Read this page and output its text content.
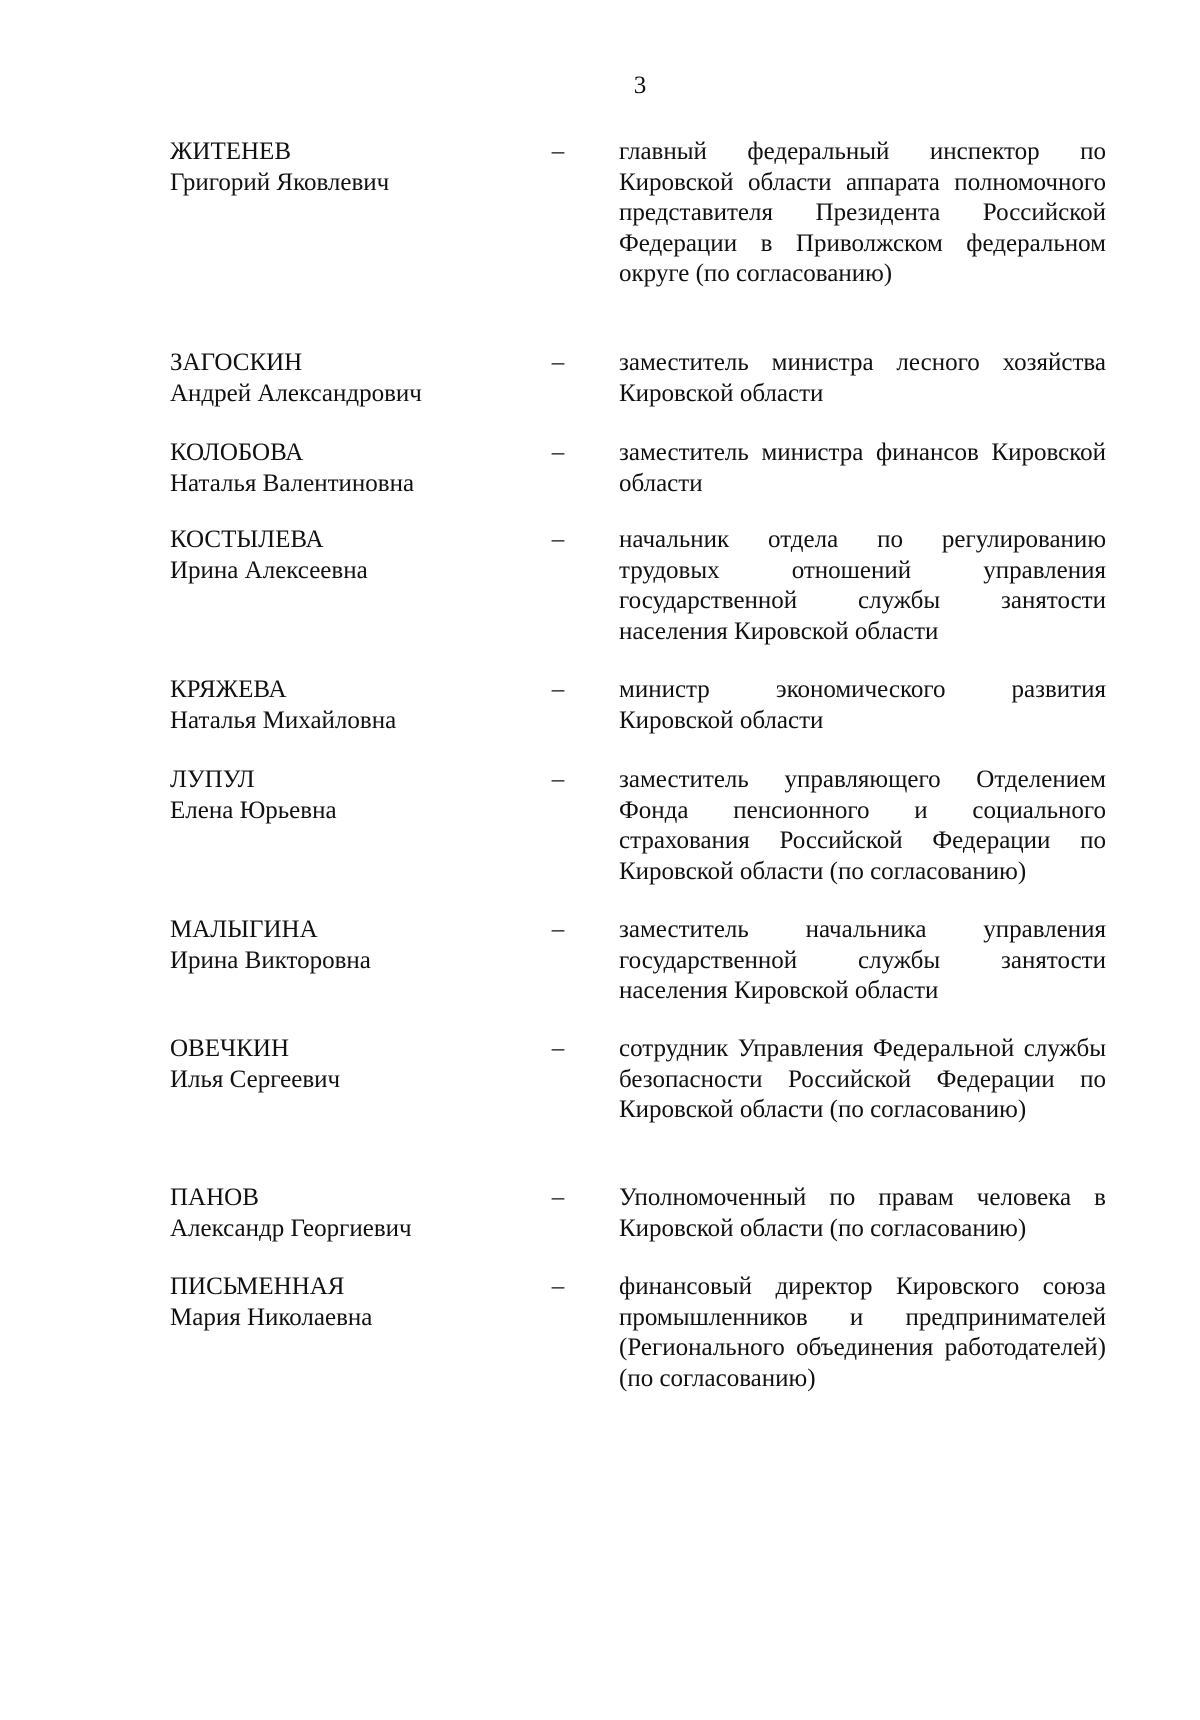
3
ЖИТЕНЕВ
Григорий Яковлевич
– главный федеральный инспектор по Кировской области аппарата полномочного представителя Президента Российской Федерации в Приволжском федеральном округе (по согласованию)
ЗАГОСКИН
Андрей Александрович
– заместитель министра лесного хозяйства Кировской области
КОЛОБОВА
Наталья Валентиновна
– заместитель министра финансов Кировской области
КОСТЫЛЕВА
Ирина Алексеевна
– начальник отдела по регулированию трудовых отношений управления государственной службы занятости населения Кировской области
КРЯЖЕВА
Наталья Михайловна
– министр экономического развития Кировской области
ЛУПУЛ
Елена Юрьевна
– заместитель управляющего Отделением Фонда пенсионного и социального страхования Российской Федерации по Кировской области (по согласованию)
МАЛЫГИНА
Ирина Викторовна
– заместитель начальника управления государственной службы занятости населения Кировской области
ОВЕЧКИН
Илья Сергеевич
– сотрудник Управления Федеральной службы безопасности Российской Федерации по Кировской области (по согласованию)
ПАНОВ
Александр Георгиевич
– Уполномоченный по правам человека в Кировской области (по согласованию)
ПИСЬМЕННАЯ
Мария Николаевна
– финансовый директор Кировского союза промышленников и предпринимателей (Регионального объединения работодателей) (по согласованию)
